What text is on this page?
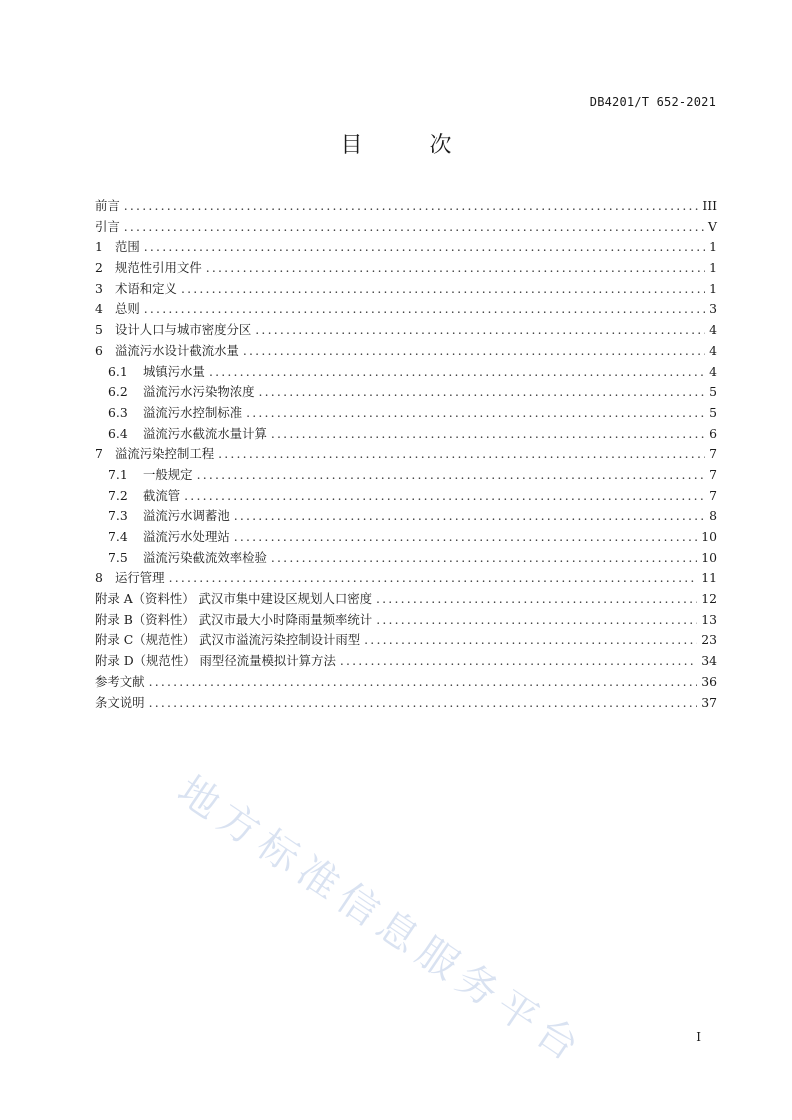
DB4201/T 652-2021
目 次
前言 .....	III
引言 .....	V
1 范围 .....	1
2 规范性引用文件 .....	1
3 术语和定义 .....	1
4 总则 .....	3
5 设计人口与城市密度分区 .....	4
6 溢流污水设计截流水量 .....	4
6.1	城镇污水量 .....	4
6.2	溢流污水污染物浓度 .....	5
6.3	溢流污水控制标准 .....	5
6.4	溢流污水截流水量计算 .....	6
7 溢流污染控制工程 .....	7
7.1	一般规定 .....	7
7.2	截流管 .....	7
7.3	溢流污水调蓄池 .....	8
7.4	溢流污水处理站 .....	10
7.5	溢流污染截流效率检验 .....	10
8 运行管理 .....	11
附录 A（资料性） 武汉市集中建设区规划人口密度 .....	12
附录 B（资料性） 武汉市最大小时降雨量频率统计 .....	13
附录 C（规范性） 武汉市溢流污染控制设计雨型 .....	23
附录 D（规范性） 雨型径流量模拟计算方法 .....	34
参考文献 .....	36
条文说明 .....	37
地方标准信息服务平台	I
